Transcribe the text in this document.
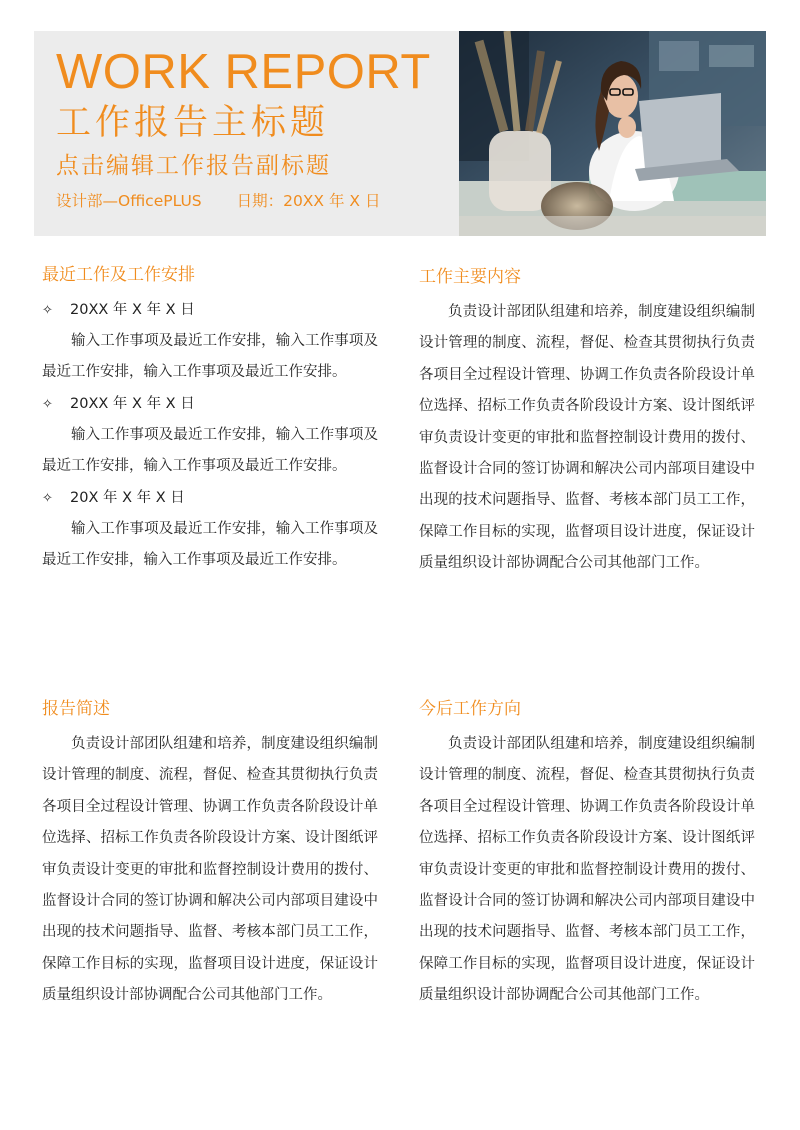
WORK REPORT
工作报告主标题
点击编辑工作报告副标题
设计部—OfficePLUS 日期：20XX 年 X 日
最近工作及工作安排
✧ 20XX 年 X 年 X 日

输入工作事项及最近工作安排，输入工作事项及最近工作安排，输入工作事项及最近工作安排。

✧ 20XX 年 X 年 X 日

输入工作事项及最近工作安排，输入工作事项及最近工作安排，输入工作事项及最近工作安排。

✧ 20X 年 X 年 X 日

输入工作事项及最近工作安排，输入工作事项及最近工作安排，输入工作事项及最近工作安排。

工作主要内容

负责设计部团队组建和培养，制度建设组织编制设计管理的制度、流程，督促、检查其贯彻执行负责各项目全过程设计管理、协调工作负责各阶段设计单位选择、招标工作负责各阶段设计方案、设计图纸评审负责设计变更的审批和监督控制设计费用的拨付、监督设计合同的签订协调和解决公司内部项目建设中出现的技术问题指导、监督、考核本部门员工工作，保障工作目标的实现，监督项目设计进度，保证设计质量组织设计部协调配合公司其他部门工作。

报告简述

负责设计部团队组建和培养，制度建设组织编制设计管理的制度、流程，督促、检查其贯彻执行负责各项目全过程设计管理、协调工作负责各阶段设计单位选择、招标工作负责各阶段设计方案、设计图纸评审负责设计变更的审批和监督控制设计费用的拨付、监督设计合同的签订协调和解决公司内部项目建设中出现的技术问题指导、监督、考核本部门员工工作，保障工作目标的实现，监督项目设计进度，保证设计质量组织设计部协调配合公司其他部门工作。

今后工作方向

负责设计部团队组建和培养，制度建设组织编制设计管理的制度、流程，督促、检查其贯彻执行负责各项目全过程设计管理、协调工作负责各阶段设计单位选择、招标工作负责各阶段设计方案、设计图纸评审负责设计变更的审批和监督控制设计费用的拨付、监督设计合同的签订协调和解决公司内部项目建设中出现的技术问题指导、监督、考核本部门员工工作，保障工作目标的实现，监督项目设计进度，保证设计质量组织设计部协调配合公司其他部门工作。
